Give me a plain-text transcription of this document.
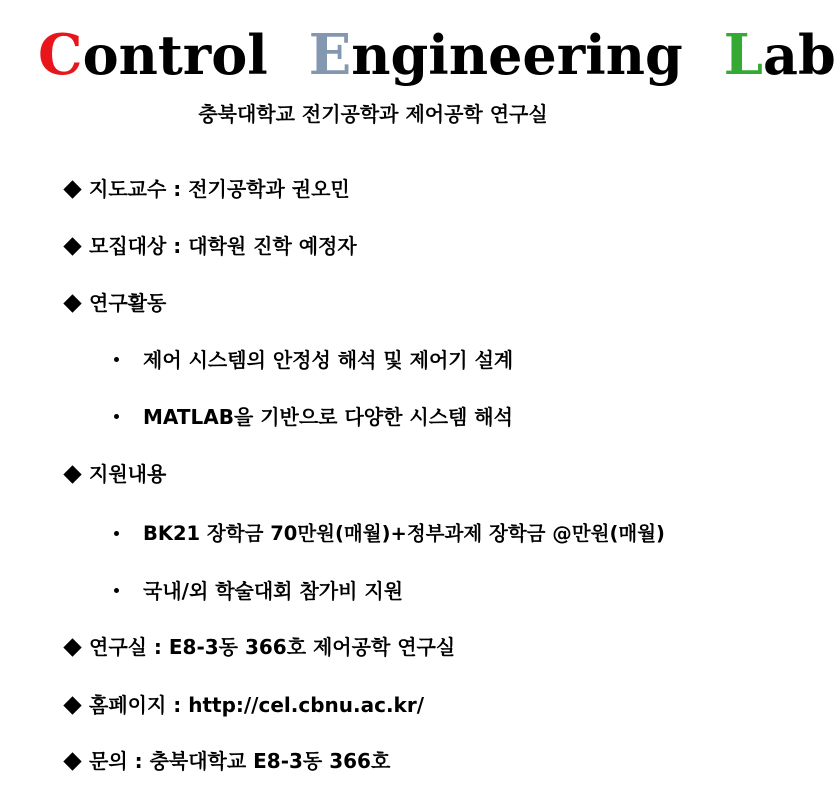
Control Engineering Lab
충북대학교 전기공학과 제어공학 연구실
지도교수 : 전기공학과 권오민
모집대상 : 대학원 진학 예정자
연구활동
제어 시스템의 안정성 해석 및 제어기 설계
MATLAB을 기반으로 다양한 시스템 해석
지원내용
BK21 장학금 70만원(매월)+정부과제 장학금 @만원(매월)
국내/외 학술대회 참가비 지원
연구실 : E8-3동 366호 제어공학 연구실
홈페이지 : http://cel.cbnu.ac.kr/
문의 : 충북대학교 E8-3동 366호
